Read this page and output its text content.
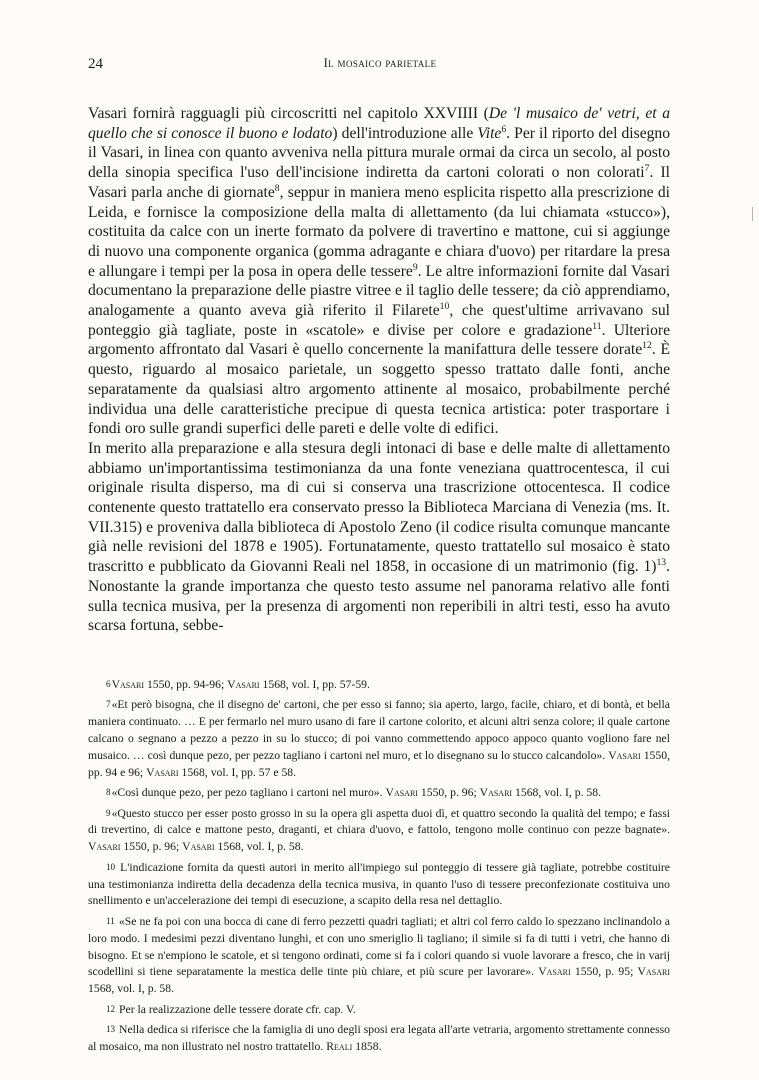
24	Il mosaico parietale

Vasari fornirà ragguagli più circoscritti nel capitolo XXVIIII (De 'l musaico de' vetri, et a quello che si conosce il buono e lodato) dell'introduzione alle Vite$^6$. Per il riporto del disegno il Vasari, in linea con quanto avveniva nella pittura murale ormai da circa un secolo, al posto della sinopia specifica l'uso dell'incisione indiretta da cartoni colorati o non colorati$^7$. Il Vasari parla anche di giornate$^8$, seppur in maniera meno esplicita rispetto alla prescrizione di Leida, e fornisce la composizione della malta di allettamento (da lui chiamata «stucco»), costituita da calce con un inerte formato da polvere di travertino e mattone, cui si aggiunge di nuovo una componente organica (gomma adragante e chiara d'uovo) per ritardare la presa e allungare i tempi per la posa in opera delle tessere$^9$. Le altre informazioni fornite dal Vasari documentano la preparazione delle piastre vitree e il taglio delle tessere; da ciò apprendiamo, analogamente a quanto aveva già riferito il Filarete$^{10}$, che quest'ultime arrivavano sul ponteggio già tagliate, poste in «scatole» e divise per colore e gradazione$^{11}$. Ulteriore argomento affrontato dal Vasari è quello concernente la manifattura delle tessere dorate$^{12}$. È questo, riguardo al mosaico parietale, un soggetto spesso trattato dalle fonti, anche separatamente da qualsiasi altro argomento attinente al mosaico, probabilmente perché individua una delle caratteristiche precipue di questa tecnica artistica: poter trasportare i fondi oro sulle grandi superfici delle pareti e delle volte di edifici.

In merito alla preparazione e alla stesura degli intonaci di base e delle malte di allettamento abbiamo un'importantissima testimonianza da una fonte veneziana quattrocentesca, il cui originale risulta disperso, ma di cui si conserva una trascrizione ottocentesca. Il codice contenente questo trattatello era conservato presso la Biblioteca Marciana di Venezia (ms. It. VII.315) e proveniva dalla biblioteca di Apostolo Zeno (il codice risulta comunque mancante già nelle revisioni del 1878 e 1905). Fortunatamente, questo trattatello sul mosaico è stato trascritto e pubblicato da Giovanni Reali nel 1858, in occasione di un matrimonio (fig. 1)$^{13}$. Nonostante la grande importanza che questo testo assume nel panorama relativo alle fonti sulla tecnica musiva, per la presenza di argomenti non reperibili in altri testi, esso ha avuto scarsa fortuna, sebbe-

6Vasari 1550, pp. 94-96; Vasari 1568, vol. I, pp. 57-59.

7«Et però bisogna, che il disegno de' cartoni, che per esso si fanno; sia aperto, largo, facile, chiaro, et di bontà, et bella maniera continuato. … E per fermarlo nel muro usano di fare il cartone colorito, et alcuni altri senza colore; il quale cartone calcano o segnano a pezzo a pezzo in su lo stucco; di poi vanno commettendo appoco appoco quanto vogliono fare nel musaico. … così dunque pezo, per pezzo tagliano i cartoni nel muro, et lo disegnano su lo stucco calcandolo». Vasari 1550, pp. 94 e 96; Vasari 1568, vol. I, pp. 57 e 58.

8«Così dunque pezo, per pezo tagliano i cartoni nel muro». Vasari 1550, p. 96; Vasari 1568, vol. I, p. 58.

9«Questo stucco per esser posto grosso in su la opera gli aspetta duoi dì, et quattro secondo la qualità del tempo; e fassi di trevertino, di calce e mattone pesto, draganti, et chiara d'uovo, e fattolo, tengono molle continuo con pezze bagnate». Vasari 1550, p. 96; Vasari 1568, vol. I, p. 58.

10 L'indicazione fornita da questi autori in merito all'impiego sul ponteggio di tessere già tagliate, potrebbe costituire una testimonianza indiretta della decadenza della tecnica musiva, in quanto l'uso di tessere preconfezionate costituiva uno snellimento e un'accelerazione dei tempi di esecuzione, a scapito della resa nel dettaglio.

11 «Se ne fa poi con una bocca di cane di ferro pezzetti quadri tagliati; et altri col ferro caldo lo spezzano inclinandolo a loro modo. I medesimi pezzi diventano lunghi, et con uno smeriglio li tagliano; il simile si fa di tutti i vetri, che hanno di bisogno. Et se n'empiono le scatole, et si tengono ordinati, come si fa i colori quando si vuole lavorare a fresco, che in varij scodellini si tiene separatamente la mestica delle tinte più chiare, et più scure per lavorare». Vasari 1550, p. 95; Vasari 1568, vol. I, p. 58.

12 Per la realizzazione delle tessere dorate cfr. cap. V.

13 Nella dedica si riferisce che la famiglia di uno degli sposi era legata all'arte vetraria, argomento strettamente connesso al mosaico, ma non illustrato nel nostro trattatello. Reali 1858.
